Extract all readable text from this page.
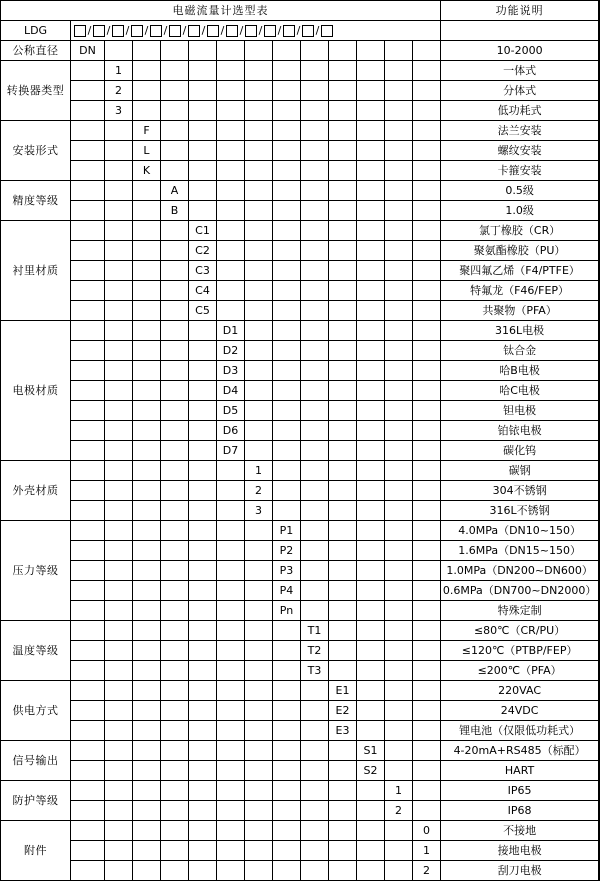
电磁流量计选型表														功能说明	
LDG	/ / / / / / / / / / / / /

公称直径	DN													10-2000	
转换器类型		1												一体式	
		2												分体式	
		3												低功耗式	
安装形式			F											法兰安装	
			L											螺纹安装	
			K											卡箍安装	
精度等级				A										0.5级	
				B										1.0级	
衬里材质					C1									氯丁橡胶（CR）	
					C2									聚氨酯橡胶（PU）	
					C3									聚四氟乙烯（F4/PTFE）	
					C4									特氟龙（F46/FEP）	
					C5									共聚物（PFA）	
电极材质						D1								316L电极	
						D2								钛合金	
						D3								哈B电极	
						D4								哈C电极	
						D5								钽电极	
						D6								铂铱电极	
						D7								碳化钨	
外壳材质							1							碳钢	
							2							304不锈钢	
							3							316L不锈钢	
压力等级								P1						4.0MPa（DN10~150）	
								P2						1.6MPa（DN15~150）	
								P3						1.0MPa（DN200~DN600）	
								P4						0.6MPa（DN700~DN2000）	
								Pn						特殊定制	
温度等级									T1					≤80℃（CR/PU）	
									T2					≤120℃（PTBP/FEP）	
									T3					≤200℃（PFA）	
供电方式										E1				220VAC	
										E2				24VDC	
										E3				锂电池（仅限低功耗式）	
信号输出											S1			4-20mA+RS485（标配）	
											S2			HART	
防护等级												1		IP65	
												2		IP68	
附件													0	不接地	
													1	接地电极	
													2	刮刀电极	
